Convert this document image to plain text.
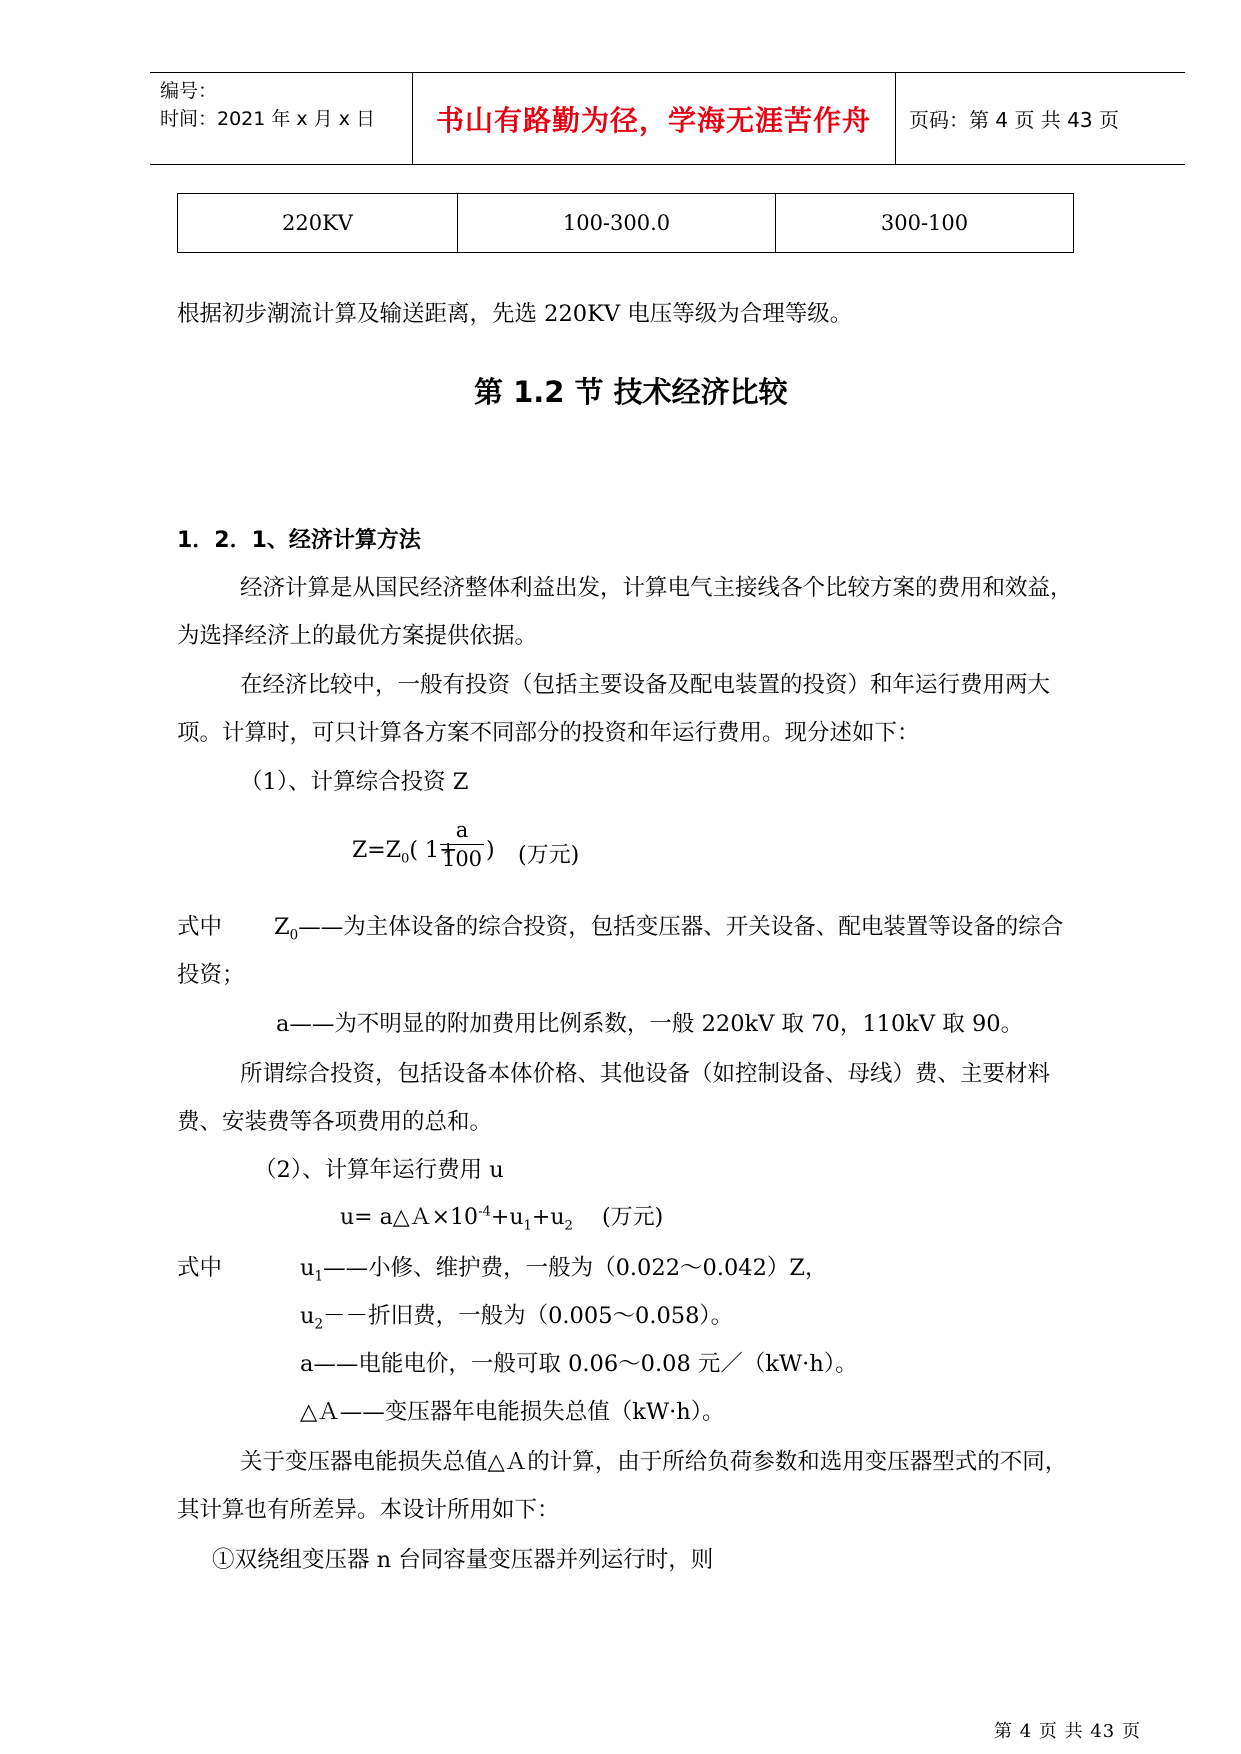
编号：
时间：2021 年 x 月 x 日 书山有路勤为径，学海无涯苦作舟 页码：第 4 页 共 43 页
220KV	100-300.0	300-100
根据初步潮流计算及输送距离，先选 220KV 电压等级为合理等级。
第 1.2 节 技术经济比较
1．2．1、经济计算方法
经济计算是从国民经济整体利益出发，计算电气主接线各个比较方案的费用和效益，
为选择经济上的最优方案提供依据。
在经济比较中，一般有投资（包括主要设备及配电装置的投资）和年运行费用两大
项。计算时，可只计算各方案不同部分的投资和年运行费用。现分述如下：
（1）、计算综合投资 Z
$Z=Z_0$( 1+
a
100 ) (万元)
式中 $Z_0——$为主体设备的综合投资，包括变压器、开关设备、配电装置等设备的综合
投资；
a——为不明显的附加费用比例系数，一般 220kV 取 70，110kV 取 90。
所谓综合投资，包括设备本体价格、其他设备（如控制设备、母线）费、主要材料
费、安装费等各项费用的总和。
（2）、计算年运行费用 u
$u= a\triangle A\times 10^{-4}+u_1+u_2$ (万元)
式中	$u_1——$小修、维护费，一般为（0.022～0.042）Z，
$u_2--$折旧费，一般为（0.005～0.058）。
a——电能电价，一般可取 0.06～0.08 元／（kW·h）。
△Ａ——变压器年电能损失总值（kW·h）。
关于变压器电能损失总值△Ａ的计算，由于所给负荷参数和选用变压器型式的不同，
其计算也有所差异。本设计所用如下：
①双绕组变压器 n 台同容量变压器并列运行时，则
第 4 页 共 43 页
